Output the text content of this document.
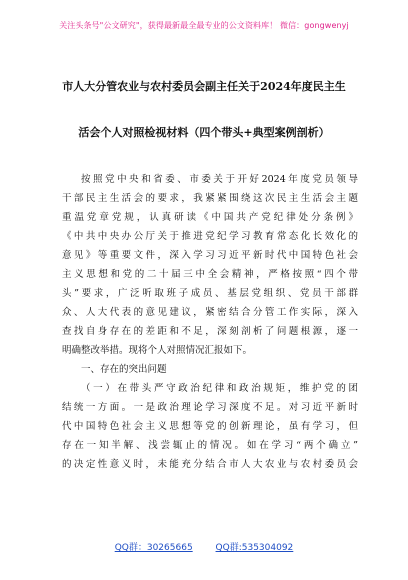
关注头条号"公文研究"，获得最新最全最专业的公文资料库！ 微信：gongwenyj
市人大分管农业与农村委员会副主任关于2024年度民主生
活会个人对照检视材料（四个带头+典型案例剖析）
按照党中央和省委、市委关于开好2024年度党员领导
干部民主生活会的要求，我紧紧围绕这次民主生活会主题
重温党章党规，认真研读《中国共产党纪律处分条例》
《中共中央办公厅关于推进党纪学习教育常态化长效化的
意见》等重要文件，深入学习习近平新时代中国特色社会
主义思想和党的二十届三中全会精神，严格按照“四个带
头”要求，广泛听取班子成员、基层党组织、党员干部群
众、人大代表的意见建议，紧密结合分管工作实际，深入
查找自身存在的差距和不足，深刻剖析了问题根源，逐一
明确整改举措。现将个人对照情况汇报如下。
一、存在的突出问题
（一）在带头严守政治纪律和政治规矩，维护党的团
结统一方面。一是政治理论学习深度不足。对习近平新时
代中国特色社会主义思想等党的创新理论，虽有学习，但
存在一知半解、浅尝辄止的情况。如在学习“两个确立”
的决定性意义时，未能充分结合市人大农业与农村委员会
QQ群：30265665	QQ群:535304092
